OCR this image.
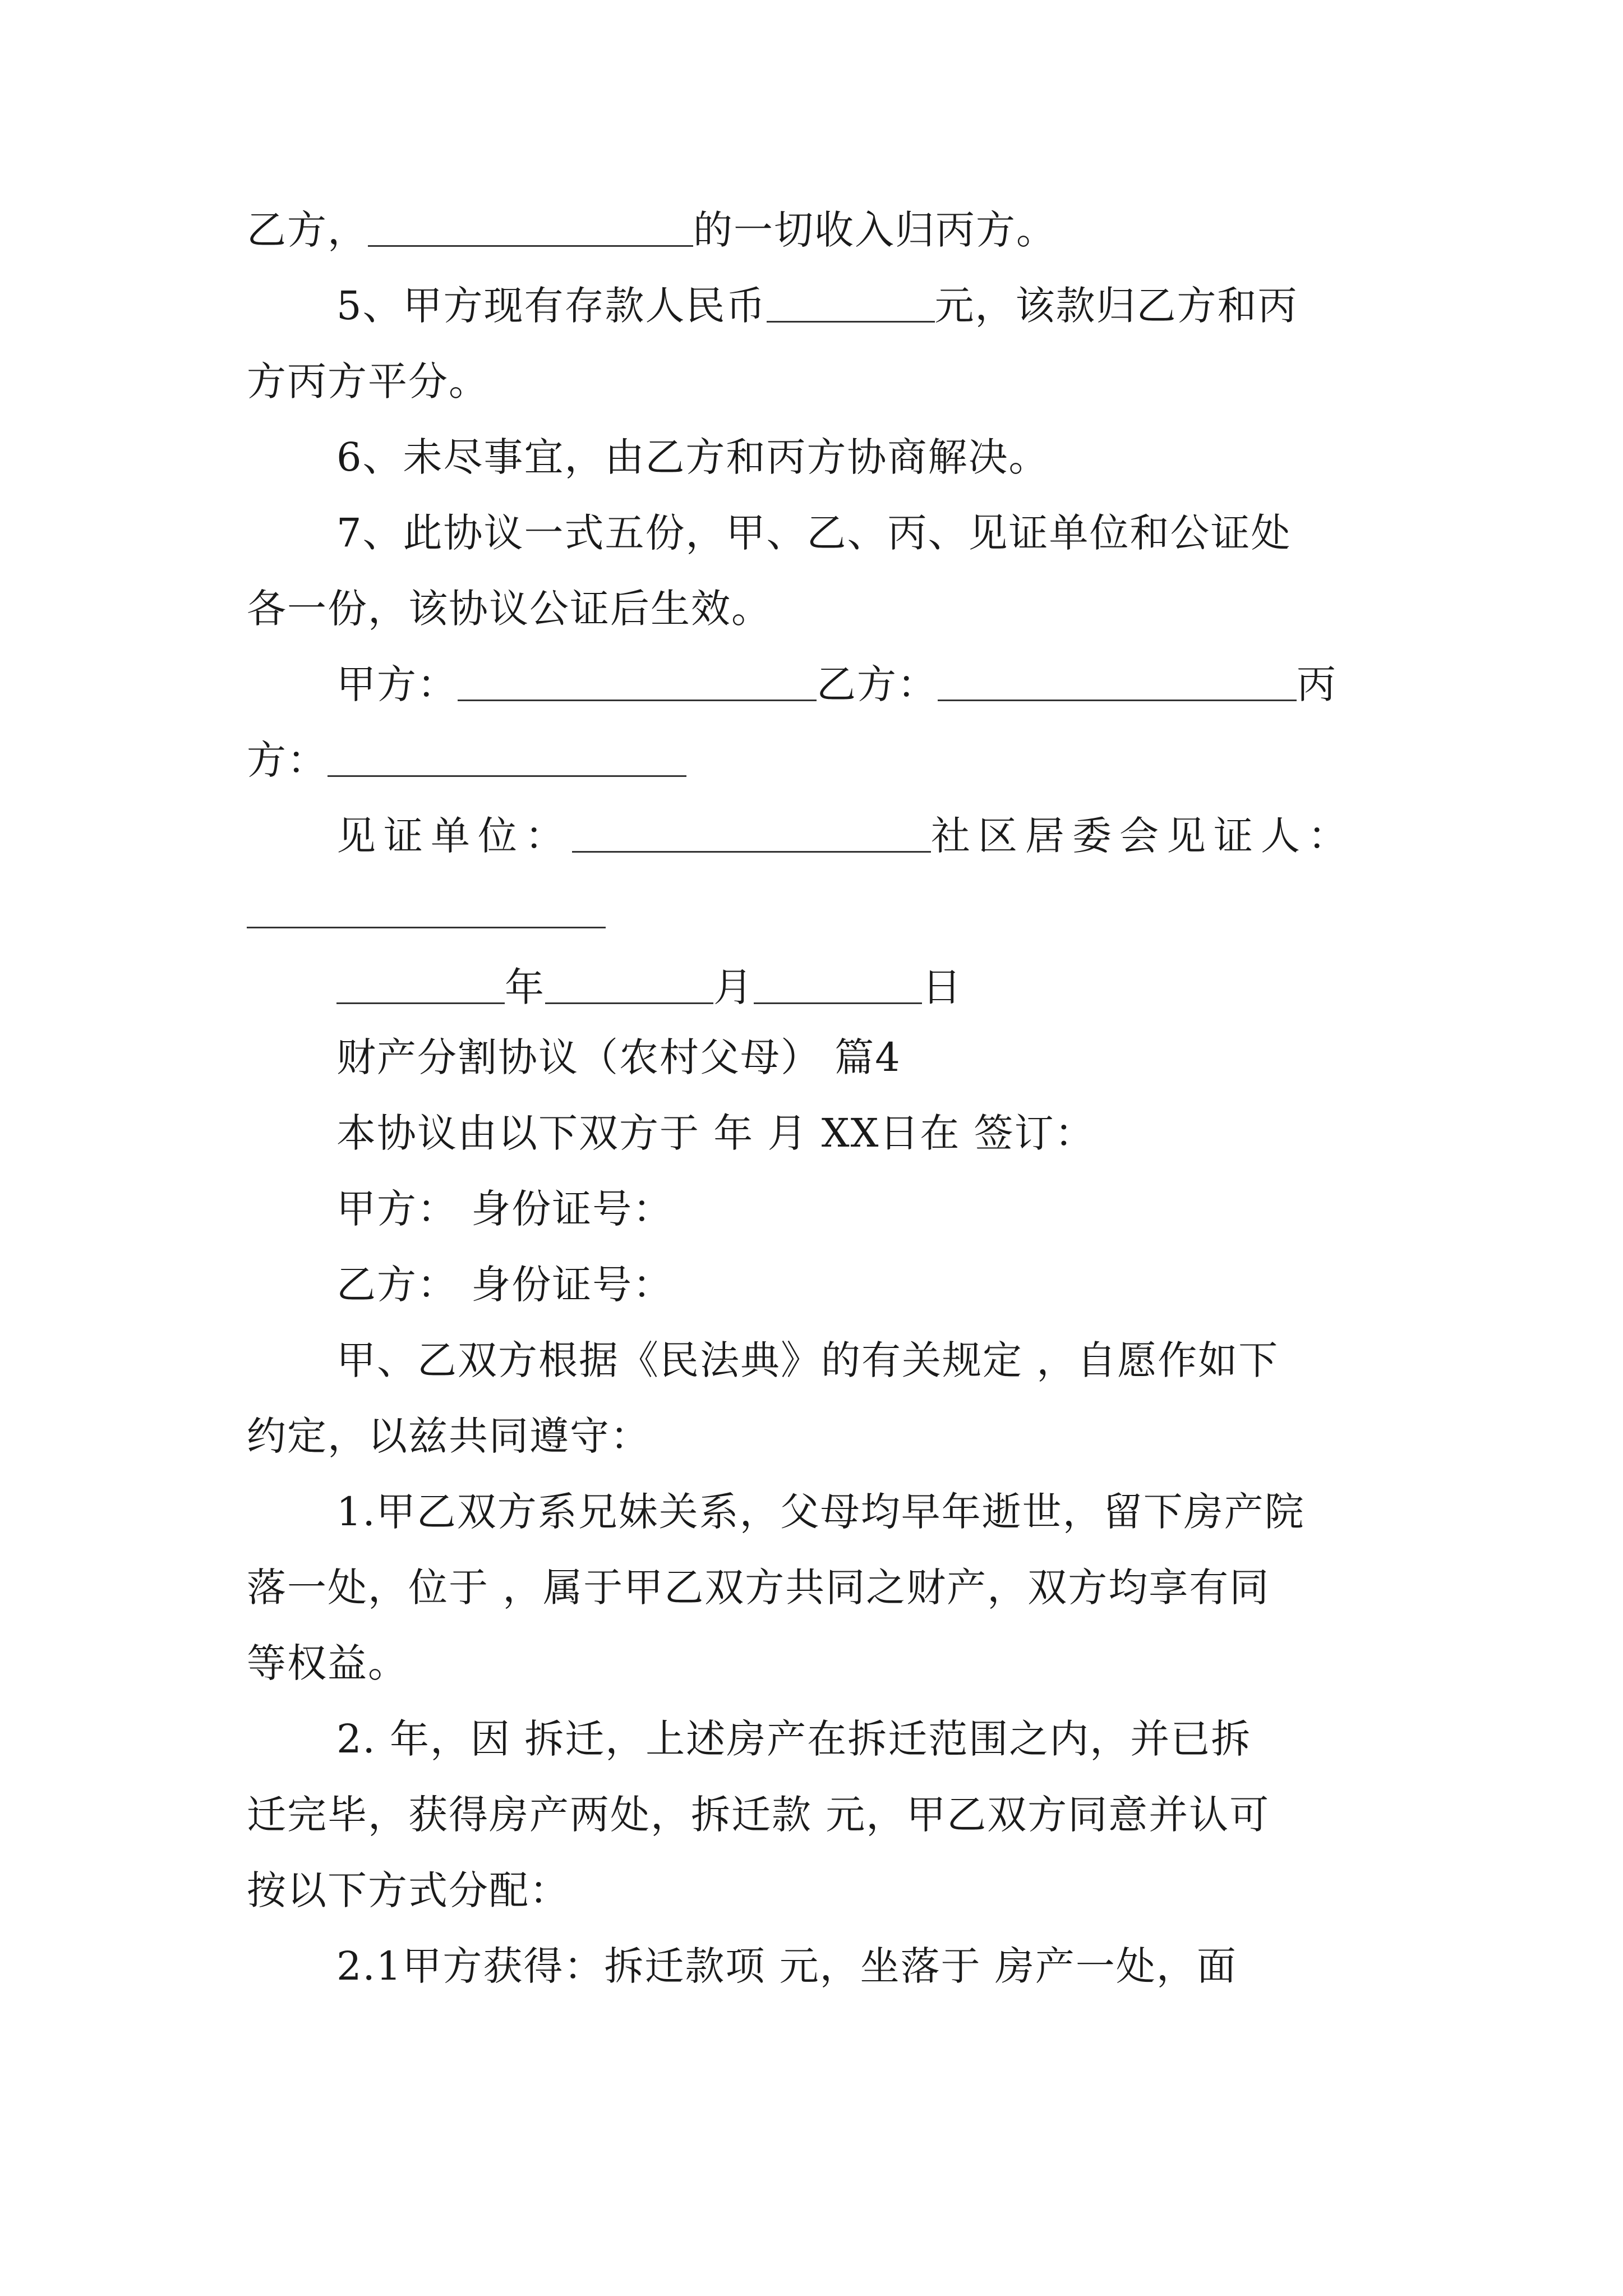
乙方，	的一切收入归丙方。
5、甲方现有存款人民币	元，该款归乙方和丙
方丙方平分。
6、未尽事宜，由乙方和丙方协商解决。
7、此协议一式五份，甲、乙、丙、见证单位和公证处
各一份，该协议公证后生效。
甲方：	乙方：	丙
方：
见证单位：	社区居委会见证人：
年	月	日
财产分割协议（农村父母） 篇4
本协议由以下双方于 年 月 XX日在 签订：
甲方： 身份证号：
乙方： 身份证号：
甲、乙双方根据《民法典》的有关规定 ，自愿作如下
约定，以兹共同遵守：
1.甲乙双方系兄妹关系，父母均早年逝世，留下房产院
落一处，位于 ，属于甲乙双方共同之财产，双方均享有同
等权益。
2. 年，因 拆迁，上述房产在拆迁范围之内，并已拆
迁完毕，获得房产两处，拆迁款 元，甲乙双方同意并认可
按以下方式分配：
2.1甲方获得：拆迁款项 元，坐落于 房产一处，面
